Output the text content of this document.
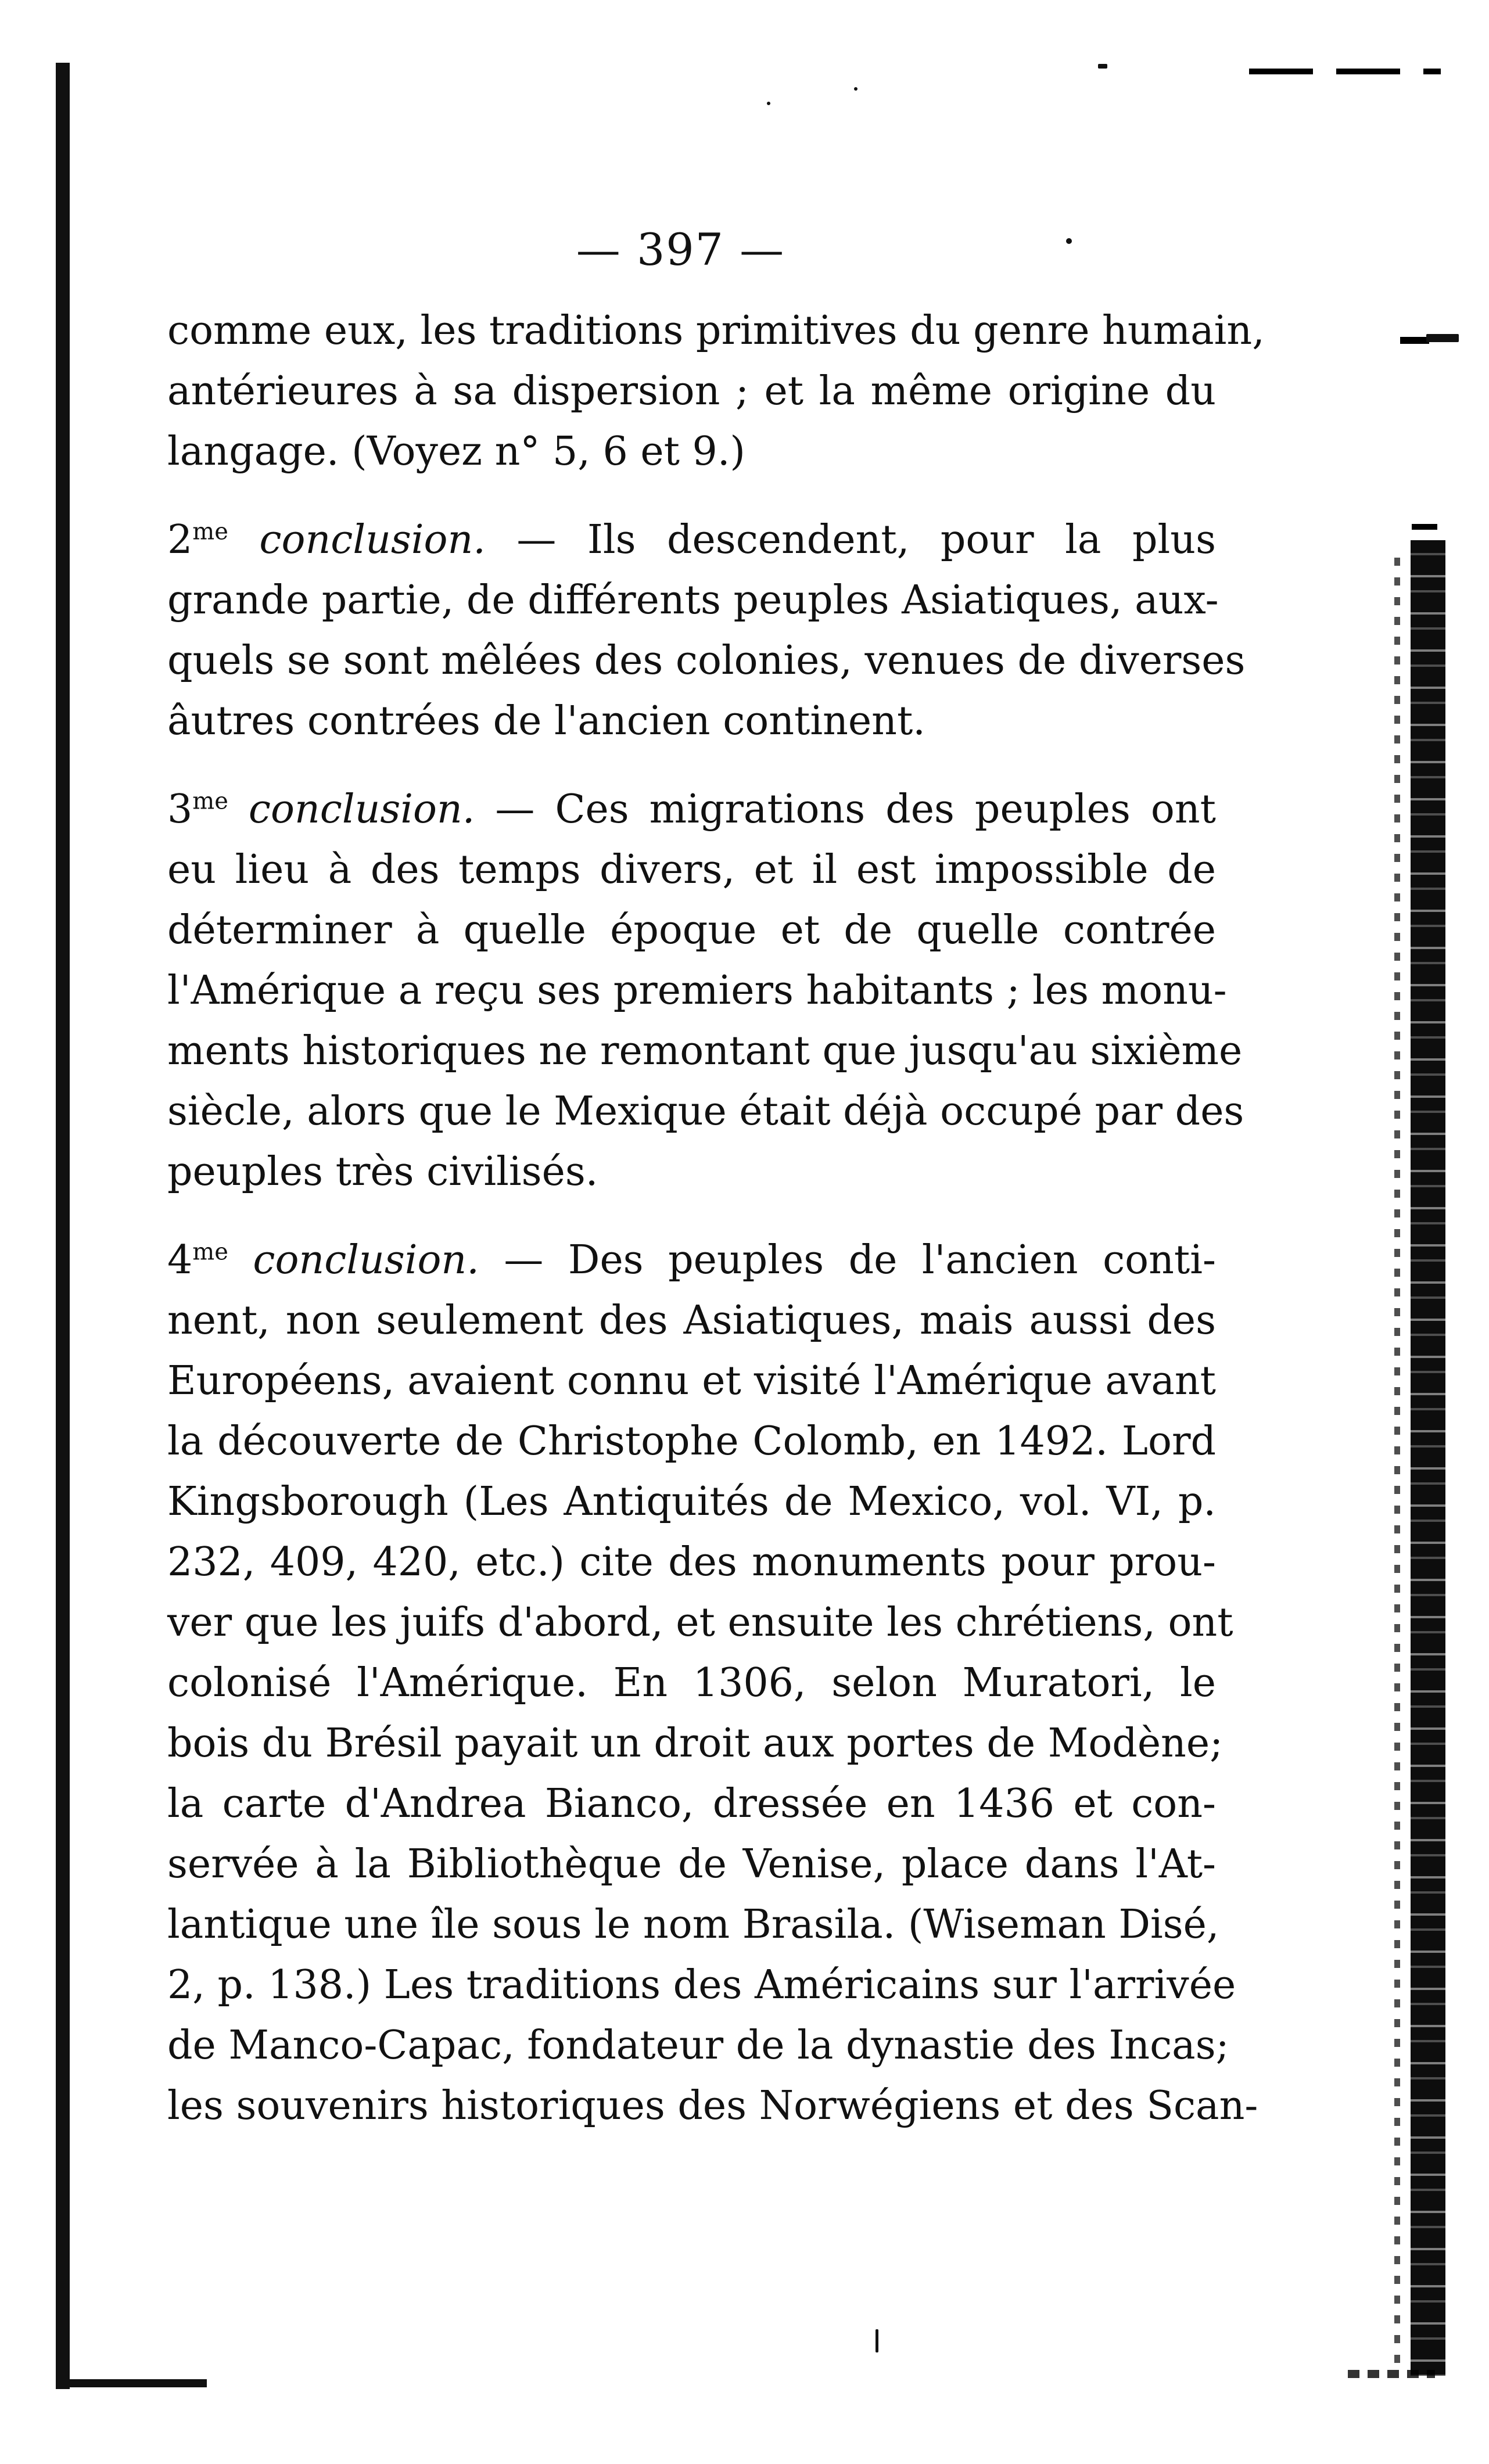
— 397 —
comme eux, les traditions primitives du genre humain,
antérieures à sa dispersion ; et la même origine du
langage. (Voyez n° 5, 6 et 9.)
$2^{me}$ conclusion. — Ils descendent, pour la plus
grande partie, de différents peuples Asiatiques, aux-
quels se sont mêlées des colonies, venues de diverses
âutres contrées de l'ancien continent.
$3^{me}$ conclusion. — Ces migrations des peuples ont
eu lieu à des temps divers, et il est impossible de
déterminer à quelle époque et de quelle contrée
l'Amérique a reçu ses premiers habitants ; les monu-
ments historiques ne remontant que jusqu'au sixième
siècle, alors que le Mexique était déjà occupé par des
peuples très civilisés.
$4^{me}$ conclusion. — Des peuples de l'ancien conti-
nent, non seulement des Asiatiques, mais aussi des
Européens, avaient connu et visité l'Amérique avant
la découverte de Christophe Colomb, en 1492. Lord
Kingsborough (Les Antiquités de Mexico, vol. VI, p.
232, 409, 420, etc.) cite des monuments pour prou-
ver que les juifs d'abord, et ensuite les chrétiens, ont
colonisé l'Amérique. En 1306, selon Muratori, le
bois du Brésil payait un droit aux portes de Modène;
la carte d'Andrea Bianco, dressée en 1436 et con-
servée à la Bibliothèque de Venise, place dans l'At-
lantique une île sous le nom Brasila. (Wiseman Disé,
2, p. 138.) Les traditions des Américains sur l'arrivée
de Manco-Capac, fondateur de la dynastie des Incas;
les souvenirs historiques des Norwégiens et des Scan-
